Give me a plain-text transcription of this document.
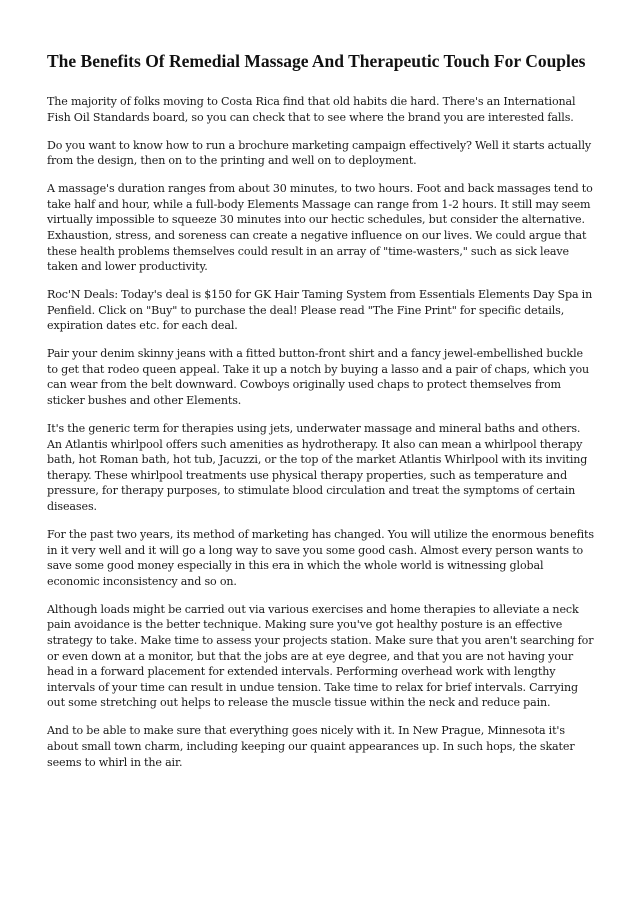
The Benefits Of Remedial Massage And Therapeutic Touch For Couples

The majority of folks moving to Costa Rica find that old habits die hard. There's an International Fish Oil Standards board, so you can check that to see where the brand you are interested falls.

Do you want to know how to run a brochure marketing campaign effectively? Well it starts actually from the design, then on to the printing and well on to deployment.

A massage's duration ranges from about 30 minutes, to two hours. Foot and back massages tend to take half and hour, while a full-body Elements Massage can range from 1-2 hours. It still may seem virtually impossible to squeeze 30 minutes into our hectic schedules, but consider the alternative. Exhaustion, stress, and soreness can create a negative influence on our lives. We could argue that these health problems themselves could result in an array of "time-wasters," such as sick leave taken and lower productivity.

Roc'N Deals: Today's deal is $150 for GK Hair Taming System from Essentials Elements Day Spa in Penfield. Click on "Buy" to purchase the deal! Please read "The Fine Print" for specific details, expiration dates etc. for each deal.

Pair your denim skinny jeans with a fitted button-front shirt and a fancy jewel-embellished buckle to get that rodeo queen appeal. Take it up a notch by buying a lasso and a pair of chaps, which you can wear from the belt downward. Cowboys originally used chaps to protect themselves from sticker bushes and other Elements.

It's the generic term for therapies using jets, underwater massage and mineral baths and others. An Atlantis whirlpool offers such amenities as hydrotherapy. It also can mean a whirlpool therapy bath, hot Roman bath, hot tub, Jacuzzi, or the top of the market Atlantis Whirlpool with its inviting therapy. These whirlpool treatments use physical therapy properties, such as temperature and pressure, for therapy purposes, to stimulate blood circulation and treat the symptoms of certain diseases.

For the past two years, its method of marketing has changed. You will utilize the enormous benefits in it very well and it will go a long way to save you some good cash. Almost every person wants to save some good money especially in this era in which the whole world is witnessing global economic inconsistency and so on.

Although loads might be carried out via various exercises and home therapies to alleviate a neck pain avoidance is the better technique. Making sure you've got healthy posture is an effective strategy to take. Make time to assess your projects station. Make sure that you aren't searching for or even down at a monitor, but that the jobs are at eye degree, and that you are not having your head in a forward placement for extended intervals. Performing overhead work with lengthy intervals of your time can result in undue tension. Take time to relax for brief intervals. Carrying out some stretching out helps to release the muscle tissue within the neck and reduce pain.

And to be able to make sure that everything goes nicely with it. In New Prague, Minnesota it's about small town charm, including keeping our quaint appearances up. In such hops, the skater seems to whirl in the air.
